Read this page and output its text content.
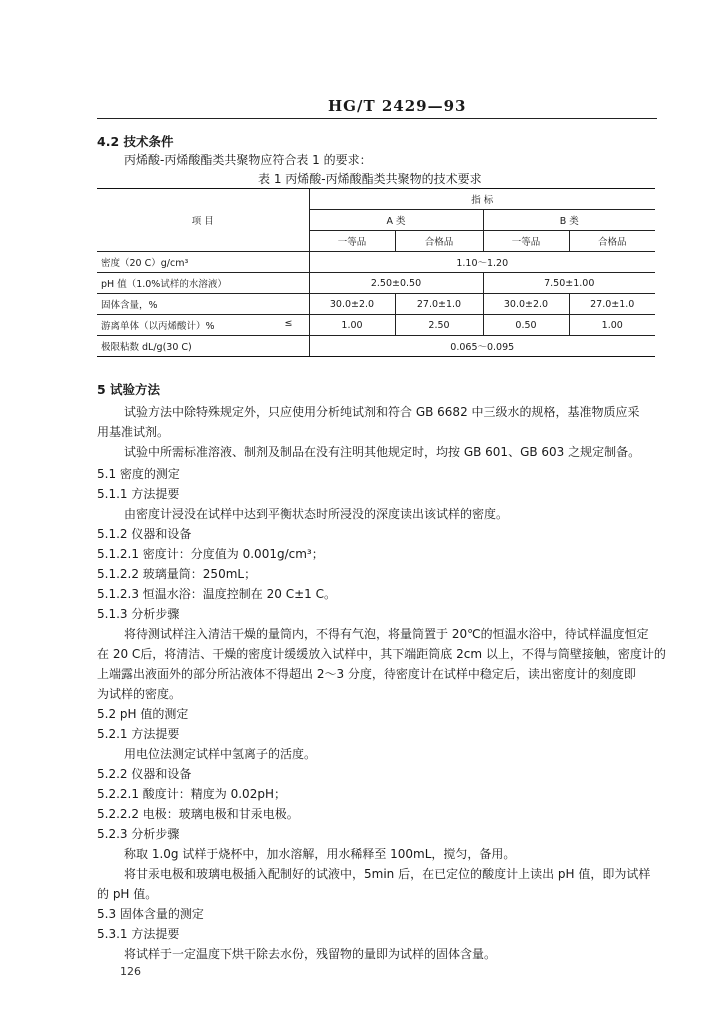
HG/T 2429—93
4.2 技术条件
丙烯酸-丙烯酸酯类共聚物应符合表 1 的要求：
表 1 丙烯酸-丙烯酸酯类共聚物的技术要求
项 目	指 标			
	A 类		B 类	
	一等品	合格品	一等品	合格品
密度（20 C）g/cm³	1.10～1.20			
pH 值（1.0%试样的水溶液）	2.50±0.50		7.50±1.00	
固体含量，%	30.0±2.0	27.0±1.0	30.0±2.0	27.0±1.0
游离单体（以丙烯酸计）% ≤	1.00	2.50	0.50	1.00
极限粘数 dL/g(30 C)	0.065～0.095			
5 试验方法
试验方法中除特殊规定外，只应使用分析纯试剂和符合 GB 6682 中三级水的规格，基准物质应采
用基准试剂。
试验中所需标准溶液、制剂及制品在没有注明其他规定时，均按 GB 601、GB 603 之规定制备。
5.1 密度的测定
5.1.1 方法提要
由密度计浸没在试样中达到平衡状态时所浸没的深度读出该试样的密度。
5.1.2 仪器和设备
5.1.2.1 密度计：分度值为 0.001g/cm³；
5.1.2.2 玻璃量筒：250mL；
5.1.2.3 恒温水浴：温度控制在 20 C±1 C。
5.1.3 分析步骤
将待测试样注入清洁干燥的量筒内，不得有气泡，将量筒置于 20℃的恒温水浴中，待试样温度恒定
在 20 C后，将清洁、干燥的密度计缓缓放入试样中，其下端距筒底 2cm 以上，不得与筒壁接触，密度计的
上端露出液面外的部分所沾液体不得超出 2～3 分度，待密度计在试样中稳定后，读出密度计的刻度即
为试样的密度。
5.2 pH 值的测定
5.2.1 方法提要
用电位法测定试样中氢离子的活度。
5.2.2 仪器和设备
5.2.2.1 酸度计：精度为 0.02pH；
5.2.2.2 电极：玻璃电极和甘汞电极。
5.2.3 分析步骤
称取 1.0g 试样于烧杯中，加水溶解，用水稀释至 100mL，搅匀，备用。
将甘汞电极和玻璃电极插入配制好的试液中，5min 后，在已定位的酸度计上读出 pH 值，即为试样
的 pH 值。
5.3 固体含量的测定
5.3.1 方法提要
将试样于一定温度下烘干除去水份，残留物的量即为试样的固体含量。
126
